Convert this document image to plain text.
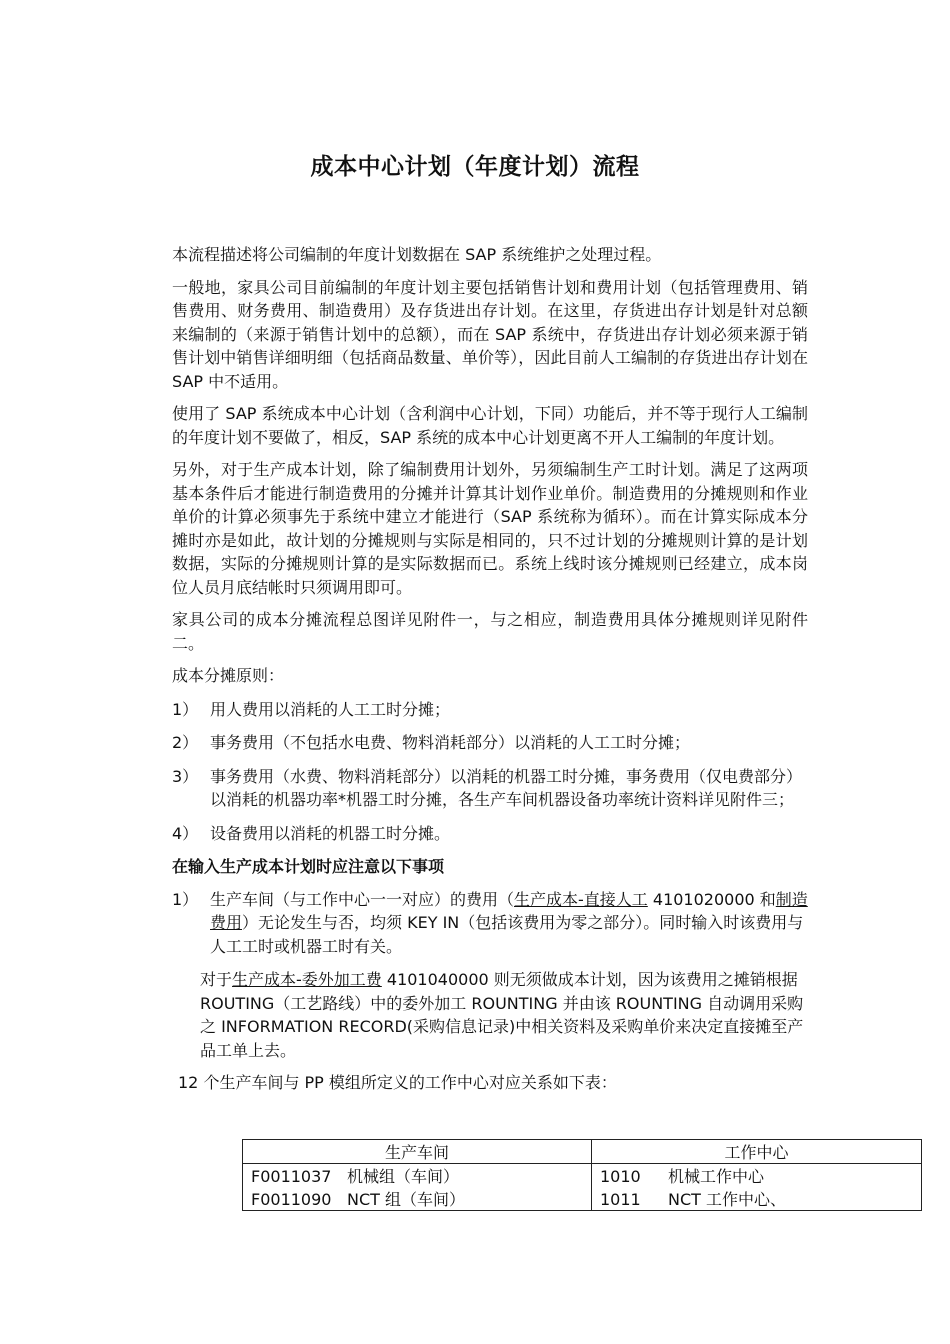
成本中心计划（年度计划）流程

本流程描述将公司编制的年度计划数据在 SAP 系统维护之处理过程。

一般地，家具公司目前编制的年度计划主要包括销售计划和费用计划（包括管理费用、销售费用、财务费用、制造费用）及存货进出存计划。在这里，存货进出存计划是针对总额来编制的（来源于销售计划中的总额），而在 SAP 系统中，存货进出存计划必须来源于销售计划中销售详细明细（包括商品数量、单价等），因此目前人工编制的存货进出存计划在 SAP 中不适用。

使用了 SAP 系统成本中心计划（含利润中心计划，下同）功能后，并不等于现行人工编制的年度计划不要做了，相反，SAP 系统的成本中心计划更离不开人工编制的年度计划。

另外，对于生产成本计划，除了编制费用计划外，另须编制生产工时计划。满足了这两项基本条件后才能进行制造费用的分摊并计算其计划作业单价。制造费用的分摊规则和作业单价的计算必须事先于系统中建立才能进行（SAP 系统称为循环）。而在计算实际成本分摊时亦是如此，故计划的分摊规则与实际是相同的，只不过计划的分摊规则计算的是计划数据，实际的分摊规则计算的是实际数据而已。系统上线时该分摊规则已经建立，成本岗位人员月底结帐时只须调用即可。

家具公司的成本分摊流程总图详见附件一，与之相应，制造费用具体分摊规则详见附件二。

成本分摊原则：

1） 用人费用以消耗的人工工时分摊；
2） 事务费用（不包括水电费、物料消耗部分）以消耗的人工工时分摊；
3） 事务费用（水费、物料消耗部分）以消耗的机器工时分摊，事务费用（仅电费部分）以消耗的机器功率*机器工时分摊，各生产车间机器设备功率统计资料详见附件三；
4） 设备费用以消耗的机器工时分摊。
在输入生产成本计划时应注意以下事项
1） 生产车间（与工作中心一一对应）的费用（生产成本-直接人工 4101020000 和制造费用）无论发生与否，均须 KEY IN（包括该费用为零之部分）。同时输入时该费用与人工工时或机器工时有关。
对于生产成本-委外加工费 4101040000 则无须做成本计划，因为该费用之摊销根据 ROUTING（工艺路线）中的委外加工 ROUNTING 并由该 ROUNTING 自动调用采购之 INFORMATION RECORD(采购信息记录)中相关资料及采购单价来决定直接摊至产品工单上去。
12 个生产车间与 PP 模组所定义的工作中心对应关系如下表：
生产车间	工作中心
F0011037 机械组（车间）	1010 机械工作中心
F0011090 NCT 组（车间）	1011 NCT 工作中心、
